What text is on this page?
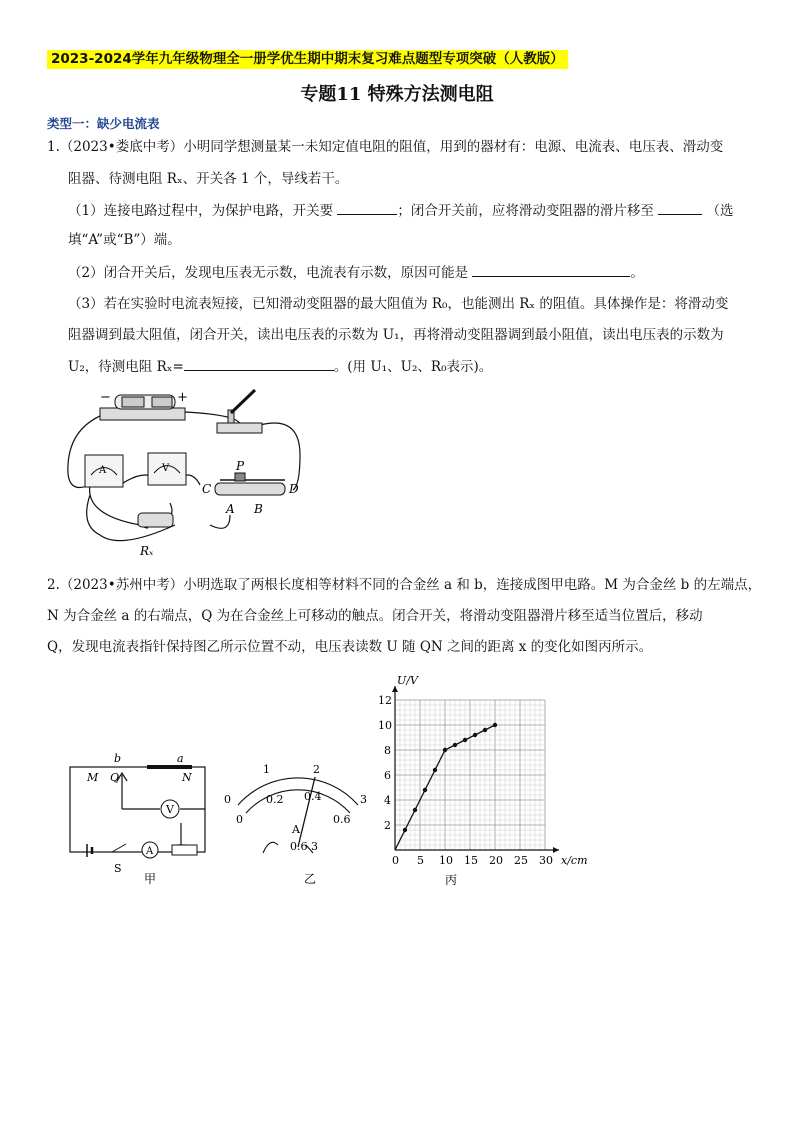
2023-2024学年九年级物理全一册学优生期中期末复习难点题型专项突破（人教版）
专题11 特殊方法测电阻
类型一：缺少电流表
1.（2023•娄底中考）小明同学想测量某一未知定值电阻的阻值，用到的器材有：电源、电流表、电压表、滑动变
阻器、待测电阻 Rₓ、开关各 1 个，导线若干。
（1）连接电路过程中，为保护电路，开关要	；闭合开关前，应将滑动变阻器的滑片移至	（选
填“A”或“B”）端。
（2）闭合开关后，发现电压表无示数，电流表有示数，原因可能是	。
（3）若在实验时电流表短接，已知滑动变阻器的最大阻值为 R₀，也能测出 Rₓ 的阻值。具体操作是：将滑动变
阻器调到最大阻值，闭合开关，读出电压表的示数为 U₁，再将滑动变阻器调到最小阻值，读出电压表的示数为
U₂，待测电阻 Rₓ=	。(用 U₁、U₂、R₀表示)。
−	+
A	V
Rₓ
C	D
P
A B
2.（2023•苏州中考）小明选取了两根长度相等材料不同的合金丝 a 和 b，连接成图甲电路。M 为合金丝 b 的左端点，
N 为合金丝 a 的右端点，Q 为在合金丝上可移动的触点。闭合开关，将滑动变阻器滑片移至适当位置后，移动
Q，发现电流表指针保持图乙所示位置不动，电压表读数 U 随 QN 之间的距离 x 的变化如图丙所示。
V
A
S
b	a
M Q	N
甲
0
1	2
3
0
0.2 0.4
0.6
A
0.6 3
乙
0 5 10 15 20 25 30
2
4
6
8
10
12
U/V
x/cm
丙
